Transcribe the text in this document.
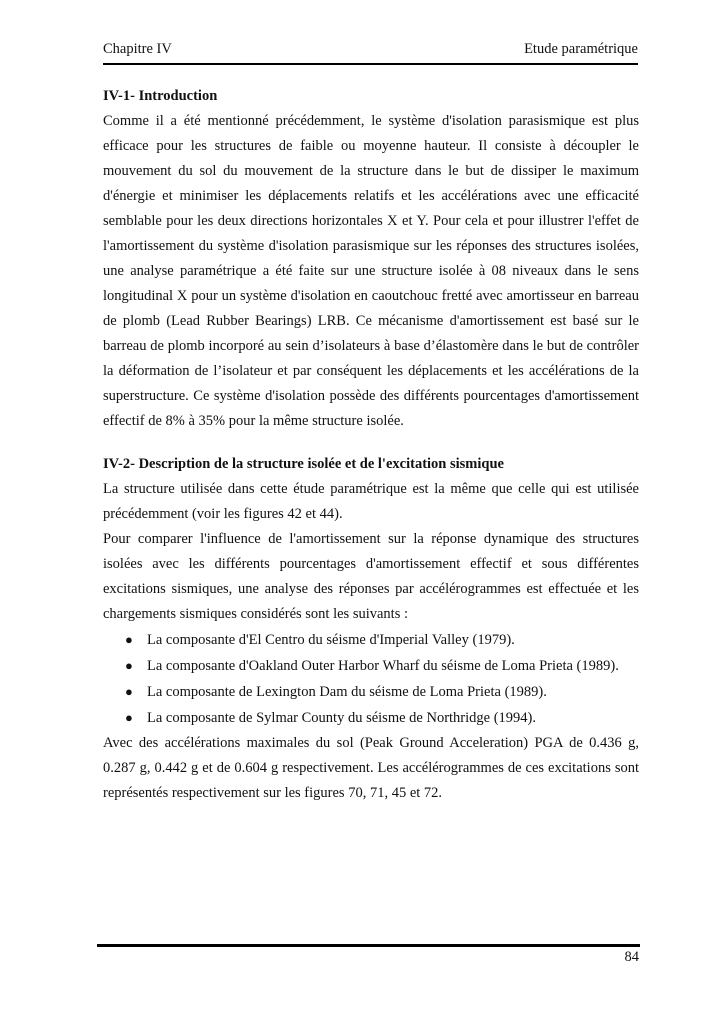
Chapitre IV	Etude paramétrique
IV-1- Introduction

Comme il a été mentionné précédemment, le système d'isolation parasismique est plus efficace pour les structures de faible ou moyenne hauteur. Il consiste à découpler le mouvement du sol du mouvement de la structure dans le but de dissiper le maximum d'énergie et minimiser les déplacements relatifs et les accélérations avec une efficacité semblable pour les deux directions horizontales X et Y. Pour cela et pour illustrer l'effet de l'amortissement du système d'isolation parasismique sur les réponses des structures isolées, une analyse paramétrique a été faite sur une structure isolée à 08 niveaux dans le sens longitudinal X pour un système d'isolation en caoutchouc fretté avec amortisseur en barreau de plomb (Lead Rubber Bearings) LRB. Ce mécanisme d'amortissement est basé sur le barreau de plomb incorporé au sein d’isolateurs à base d’élastomère dans le but de contrôler la déformation de l’isolateur et par conséquent les déplacements et les accélérations de la superstructure. Ce système d'isolation possède des différents pourcentages d'amortissement effectif de 8% à 35% pour la même structure isolée.

IV-2- Description de la structure isolée et de l'excitation sismique

La structure utilisée dans cette étude paramétrique est la même que celle qui est utilisée précédemment (voir les figures 42 et 44).

Pour comparer l'influence de l'amortissement sur la réponse dynamique des structures isolées avec les différents pourcentages d'amortissement effectif et sous différentes excitations sismiques, une analyse des réponses par accélérogrammes est effectuée et les chargements sismiques considérés sont les suivants :

● La composante d'El Centro du séisme d'Imperial Valley (1979).
● La composante d'Oakland Outer Harbor Wharf du séisme de Loma Prieta (1989).
● La composante de Lexington Dam du séisme de Loma Prieta (1989).
● La composante de Sylmar County du séisme de Northridge (1994).

Avec des accélérations maximales du sol (Peak Ground Acceleration) PGA de 0.436 g, 0.287 g, 0.442 g et de 0.604 g respectivement. Les accélérogrammes de ces excitations sont représentés respectivement sur les figures 70, 71, 45 et 72.

84
